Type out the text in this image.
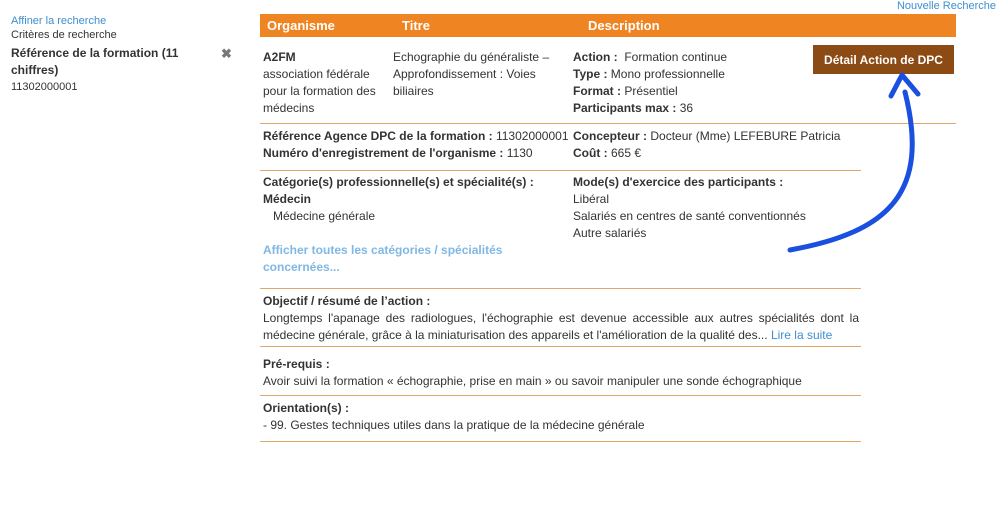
Affiner la recherche
Critères de recherche
Référence de la formation (11 chiffres)
11302000001
✖
Nouvelle Recherche
Organisme	Titre	Description
A2FM
association fédérale pour la formation des médecins
Echographie du généraliste – Approfondissement : Voies biliaires
Action : Formation continue
Type : Mono professionnelle
Format : Présentiel
Participants max : 36
Détail Action de DPC
Référence Agence DPC de la formation : 11302000001
Numéro d'enregistrement de l'organisme : 1130
Concepteur : Docteur (Mme) LEFEBURE Patricia
Coût : 665 €
Catégorie(s) professionnelle(s) et spécialité(s) :
Médecin
Médecine générale
Afficher toutes les catégories / spécialités concernées...
Mode(s) d'exercice des participants :
Libéral
Salariés en centres de santé conventionnés
Autre salariés
Objectif / résumé de l’action :
Longtemps l'apanage des radiologues, l'échographie est devenue accessible aux autres spécialités dont la médecine générale, grâce à la miniaturisation des appareils et l'amélioration de la qualité des... Lire la suite
Pré-requis :
Avoir suivi la formation « échographie, prise en main » ou savoir manipuler une sonde échographique
Orientation(s) :
- 99. Gestes techniques utiles dans la pratique de la médecine générale
